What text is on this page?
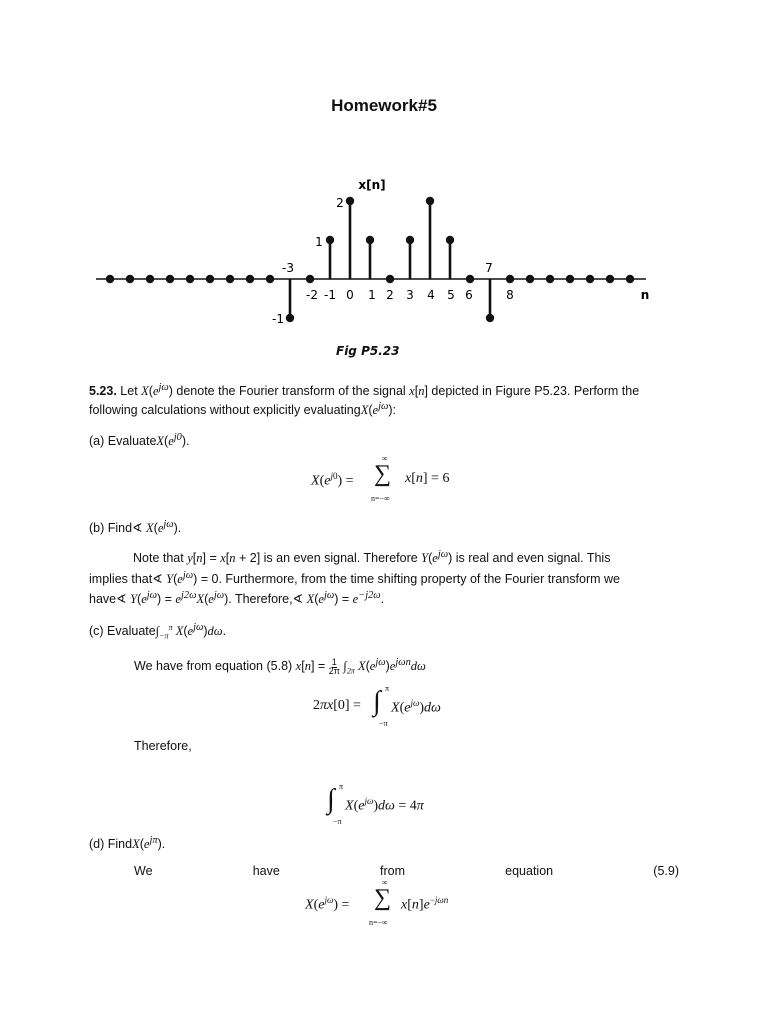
Homework#5
x[n]
n
-2 -1 0 1 2 3 4 5 6	8
2
1
-3	7
-1
Fig P5.23
5.23. Let $X(e^{j\omega})$ denote the Fourier transform of the signal x[n] depicted in Figure P5.23. Perform the
following calculations without explicitly $evaluatingX(e^{j\omega})$:
(a) $EvaluateX(e^{j0})$.
$X(e^{j0})$ =
∞
∑
n=−∞
x[n] = 6
(b) Find∢ $X(e^{j\omega})$.
Note that y[n] = x[n + 2] is an even signal. Therefore $Y(e^{j\omega})$ is real and even signal. This
implies that∢ $Y(e^{j\omega}) = 0$. Furthermore, from the time shifting property of the Fourier transform we
have∢ $Y(e^{j\omega}) = e^{j2\omega}X(e^{j\omega})$. Therefore,∢ $X(e^{j\omega}) = e^{-j2\omega}$.
(c) $Evaluate\int_{-\pi}^\pi$ $X(e^{j\omega})d\omega$.
We have from equation (5.8) x[n] = 1
2π $\int_{2\pi}$ $X(e^{j\omega})e^{j\omega n}d\omega$
2πx[0] = ∫ π
−π
$X(e^{j\omega})d\omega$
Therefore,
∫ π
−π
$X(e^{j\omega})d\omega = 4\pi$
(d) $FindX(e^{j\pi})$.
We	have	from	equation	(5.9)
$X(e^{j\omega})$ =
∞
∑
n=−∞
$x[n]e^{-j\omega n}$
